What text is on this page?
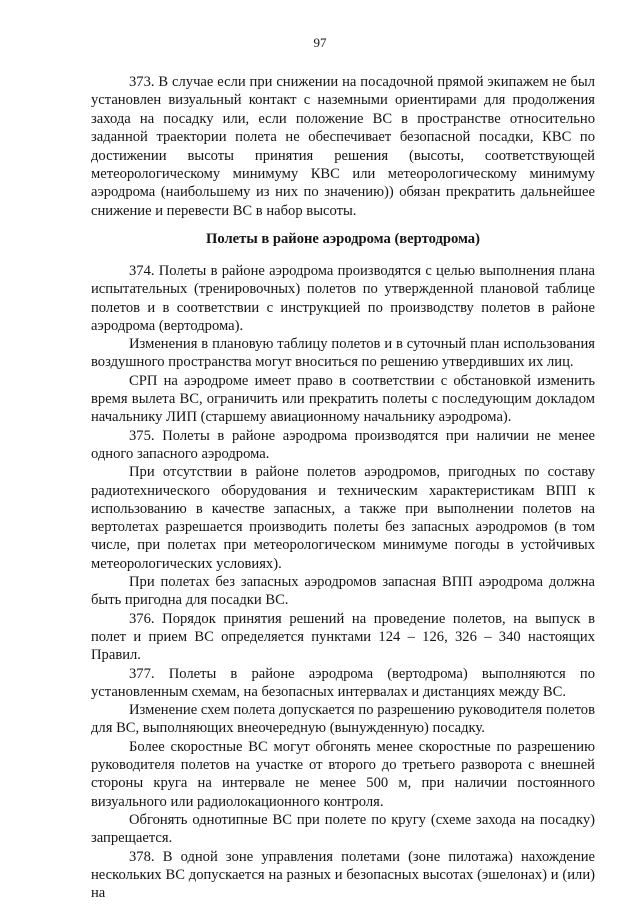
97

373. В случае если при снижении на посадочной прямой экипажем не был установлен визуальный контакт с наземными ориентирами для продолжения захода на посадку или, если положение ВС в пространстве относительно заданной траектории полета не обеспечивает безопасной посадки, КВС по достижении высоты принятия решения (высоты, соответствующей метеорологическому минимуму КВС или метеорологическому минимуму аэродрома (наибольшему из них по значению)) обязан прекратить дальнейшее снижение и перевести ВС в набор высоты.

Полеты в районе аэродрома (вертодрома)

374. Полеты в районе аэродрома производятся с целью выполнения плана испытательных (тренировочных) полетов по утвержденной плановой таблице полетов и в соответствии с инструкцией по производству полетов в районе аэродрома (вертодрома).

Изменения в плановую таблицу полетов и в суточный план использования воздушного пространства могут вноситься по решению утвердивших их лиц.

СРП на аэродроме имеет право в соответствии с обстановкой изменить время вылета ВС, ограничить или прекратить полеты с последующим докладом начальнику ЛИП (старшему авиационному начальнику аэродрома).

375. Полеты в районе аэродрома производятся при наличии не менее одного запасного аэродрома.

При отсутствии в районе полетов аэродромов, пригодных по составу радиотехнического оборудования и техническим характеристикам ВПП к использованию в качестве запасных, а также при выполнении полетов на вертолетах разрешается производить полеты без запасных аэродромов (в том числе, при полетах при метеорологическом минимуме погоды в устойчивых метеорологических условиях).

При полетах без запасных аэродромов запасная ВПП аэродрома должна быть пригодна для посадки ВС.

376. Порядок принятия решений на проведение полетов, на выпуск в полет и прием ВС определяется пунктами 124 – 126, 326 – 340 настоящих Правил.

377. Полеты в районе аэродрома (вертодрома) выполняются по установленным схемам, на безопасных интервалах и дистанциях между ВС.

Изменение схем полета допускается по разрешению руководителя полетов для ВС, выполняющих внеочередную (вынужденную) посадку.

Более скоростные ВС могут обгонять менее скоростные по разрешению руководителя полетов на участке от второго до третьего разворота с внешней стороны круга на интервале не менее 500 м, при наличии постоянного визуального или радиолокационного контроля.

Обгонять однотипные ВС при полете по кругу (схеме захода на посадку) запрещается.

378. В одной зоне управления полетами (зоне пилотажа) нахождение нескольких ВС допускается на разных и безопасных высотах (эшелонах) и (или) на
